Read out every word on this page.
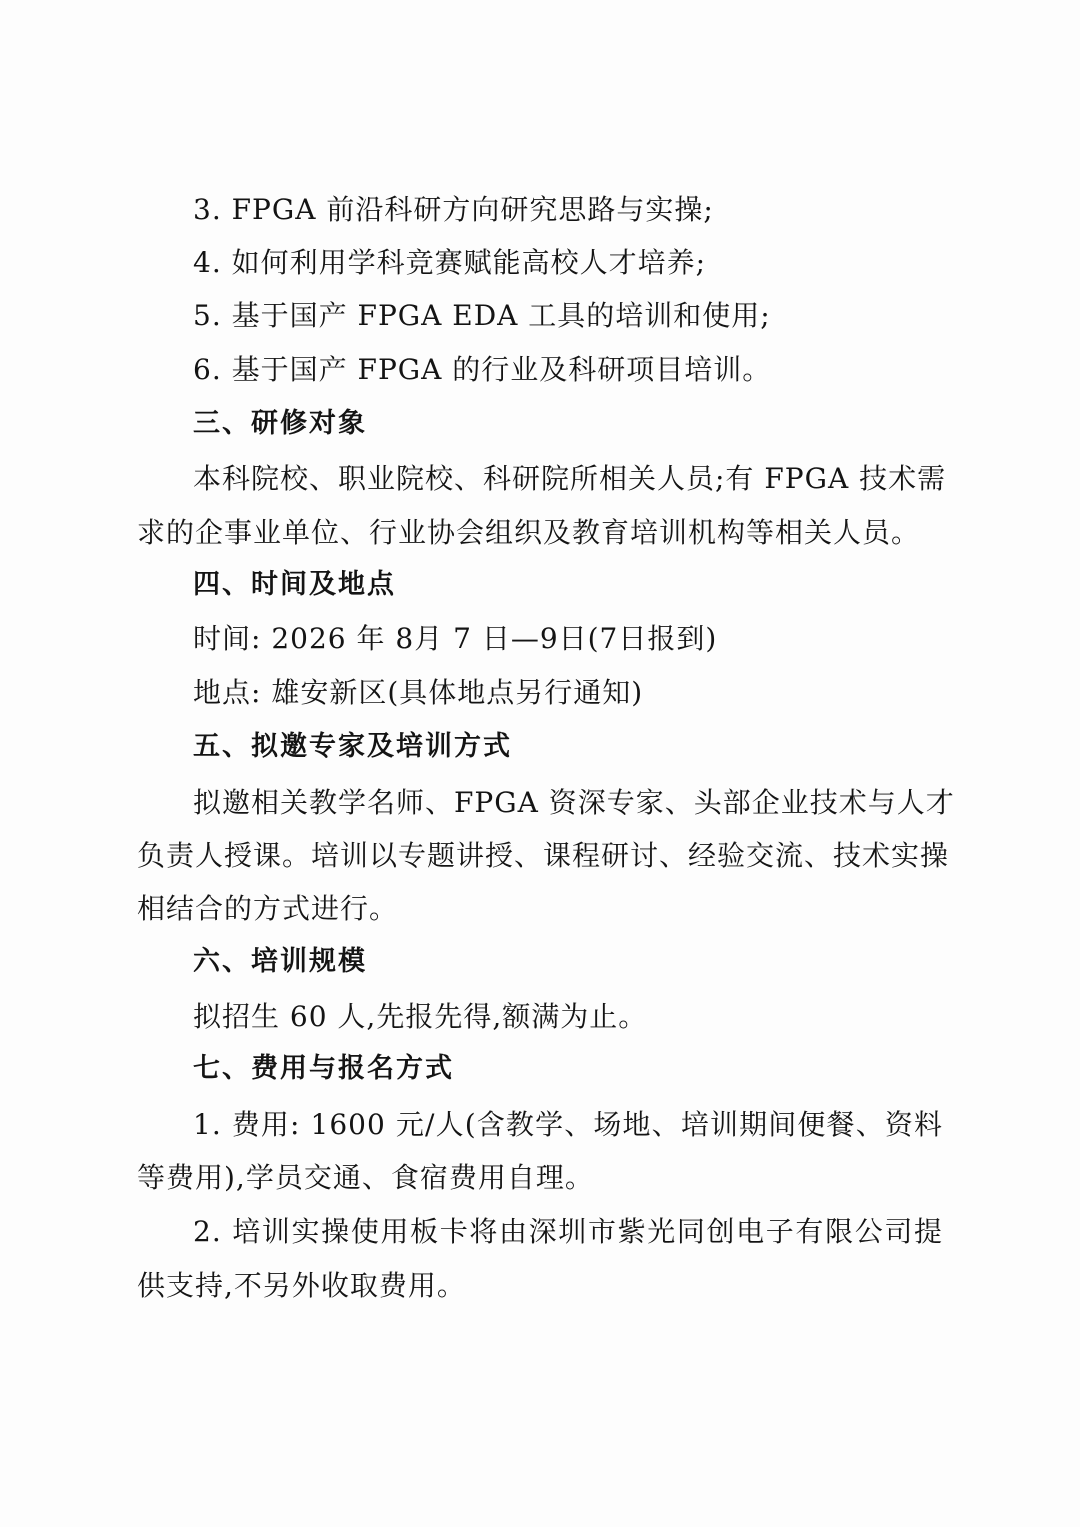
3. FPGA 前沿科研方向研究思路与实操;
4. 如何利用学科竞赛赋能高校人才培养;
5. 基于国产 FPGA EDA 工具的培训和使用;
6. 基于国产 FPGA 的行业及科研项目培训。
三、研修对象
本科院校、职业院校、科研院所相关人员;有 FPGA 技术需
求的企事业单位、行业协会组织及教育培训机构等相关人员。
四、时间及地点
时间: 2026 年 8月 7 日—9日(7日报到)
地点: 雄安新区(具体地点另行通知)
五、拟邀专家及培训方式
拟邀相关教学名师、FPGA 资深专家、头部企业技术与人才
负责人授课。培训以专题讲授、课程研讨、经验交流、技术实操
相结合的方式进行。
六、培训规模
拟招生 60 人,先报先得,额满为止。
七、费用与报名方式
1. 费用: 1600 元/人(含教学、场地、培训期间便餐、资料
等费用),学员交通、食宿费用自理。
2. 培训实操使用板卡将由深圳市紫光同创电子有限公司提
供支持,不另外收取费用。
